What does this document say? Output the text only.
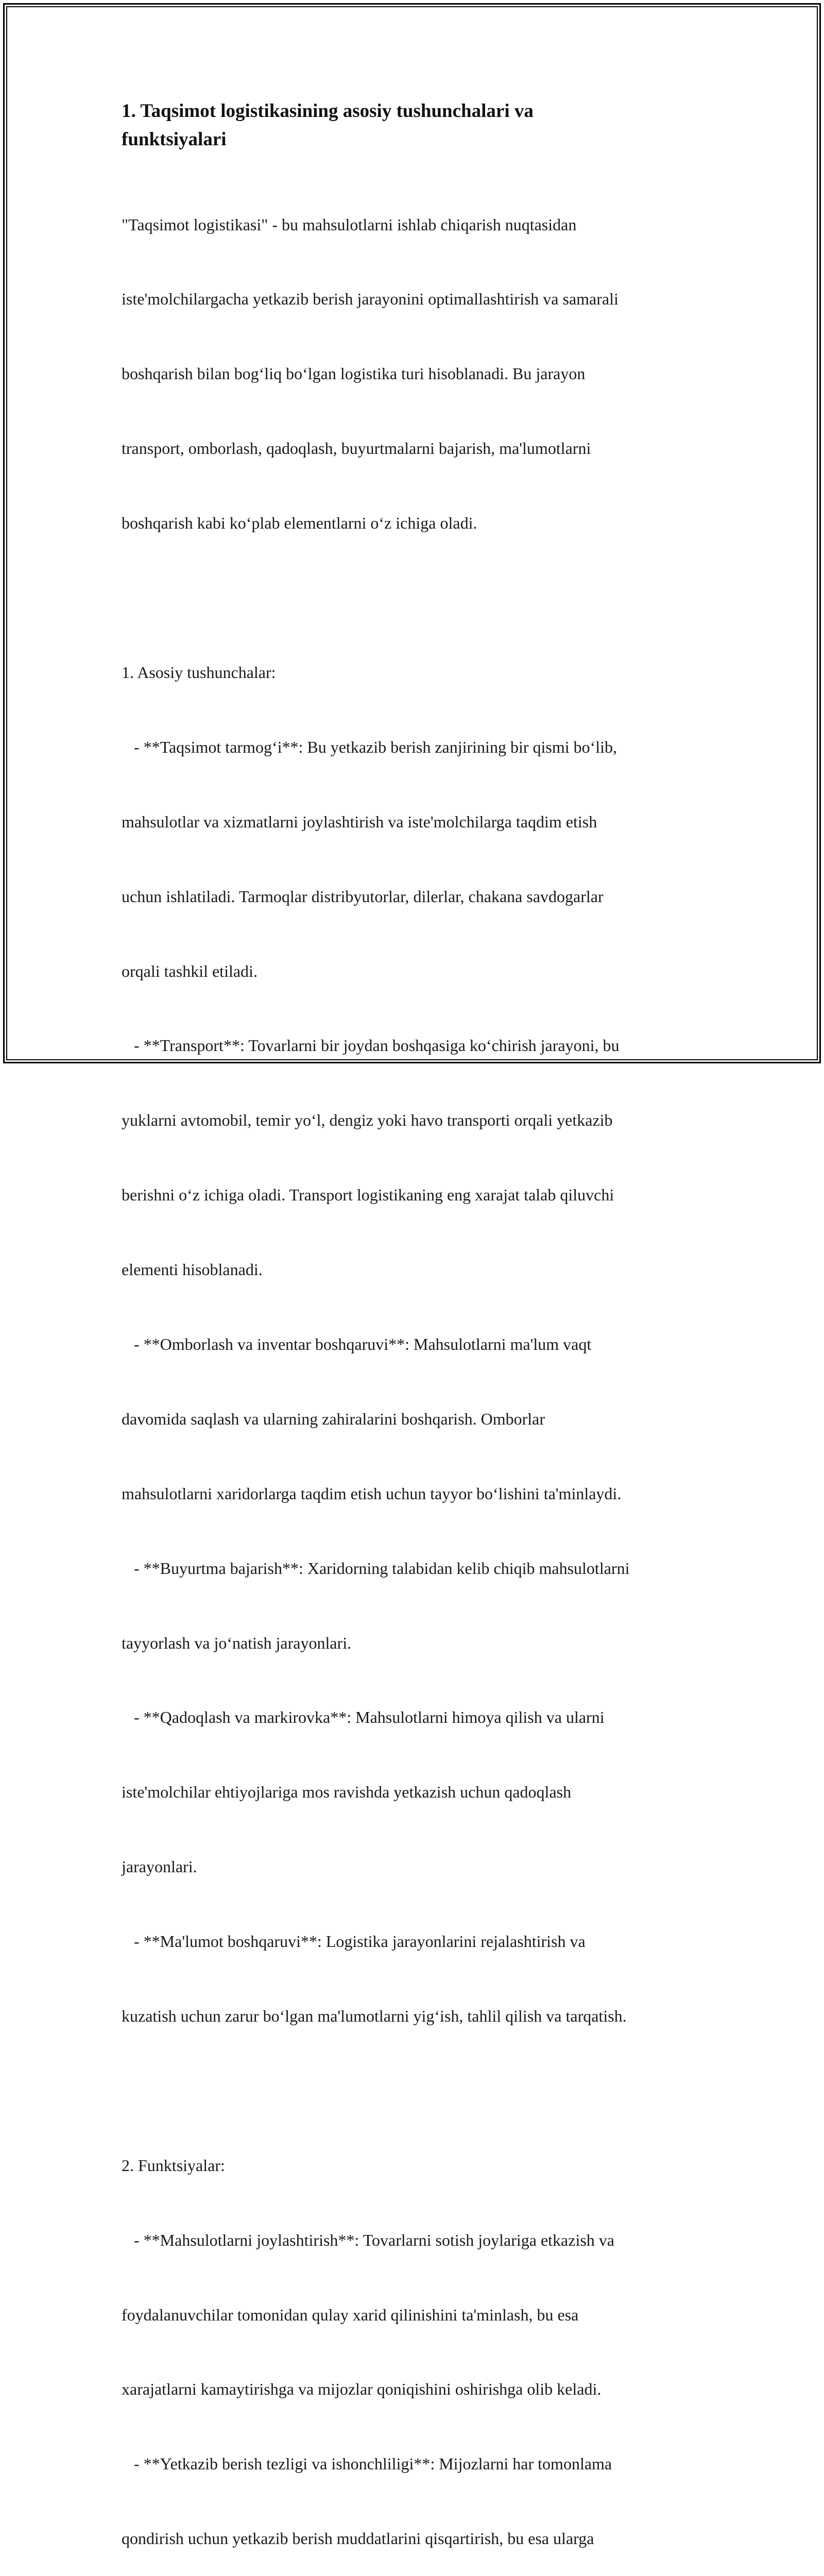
1. Taqsimot logistikasining asosiy tushunchalari va
funktsiyalari

"Taqsimot logistikasi" - bu mahsulotlarni ishlab chiqarish nuqtasidan

iste'molchilargacha yetkazib berish jarayonini optimallashtirish va samarali

boshqarish bilan bog‘liq bo‘lgan logistika turi hisoblanadi. Bu jarayon

transport, omborlash, qadoqlash, buyurtmalarni bajarish, ma'lumotlarni

boshqarish kabi ko‘plab elementlarni o‘z ichiga oladi.

1. Asosiy tushunchalar:

- **Taqsimot tarmog‘i**: Bu yetkazib berish zanjirining bir qismi bo‘lib,

mahsulotlar va xizmatlarni joylashtirish va iste'molchilarga taqdim etish

uchun ishlatiladi. Tarmoqlar distribyutorlar, dilerlar, chakana savdogarlar

orqali tashkil etiladi.

- **Transport**: Tovarlarni bir joydan boshqasiga ko‘chirish jarayoni, bu

yuklarni avtomobil, temir yo‘l, dengiz yoki havo transporti orqali yetkazib

berishni o‘z ichiga oladi. Transport logistikaning eng xarajat talab qiluvchi

elementi hisoblanadi.

- **Omborlash va inventar boshqaruvi**: Mahsulotlarni ma'lum vaqt

davomida saqlash va ularning zahiralarini boshqarish. Omborlar

mahsulotlarni xaridorlarga taqdim etish uchun tayyor bo‘lishini ta'minlaydi.

- **Buyurtma bajarish**: Xaridorning talabidan kelib chiqib mahsulotlarni

tayyorlash va jo‘natish jarayonlari.

- **Qadoqlash va markirovka**: Mahsulotlarni himoya qilish va ularni

iste'molchilar ehtiyojlariga mos ravishda yetkazish uchun qadoqlash

jarayonlari.

- **Ma'lumot boshqaruvi**: Logistika jarayonlarini rejalashtirish va

kuzatish uchun zarur bo‘lgan ma'lumotlarni yig‘ish, tahlil qilish va tarqatish.

2. Funktsiyalar:

- **Mahsulotlarni joylashtirish**: Tovarlarni sotish joylariga etkazish va

foydalanuvchilar tomonidan qulay xarid qilinishini ta'minlash, bu esa

xarajatlarni kamaytirishga va mijozlar qoniqishini oshirishga olib keladi.

- **Yetkazib berish tezligi va ishonchliligi**: Mijozlarni har tomonlama

qondirish uchun yetkazib berish muddatlarini qisqartirish, bu esa ularga
